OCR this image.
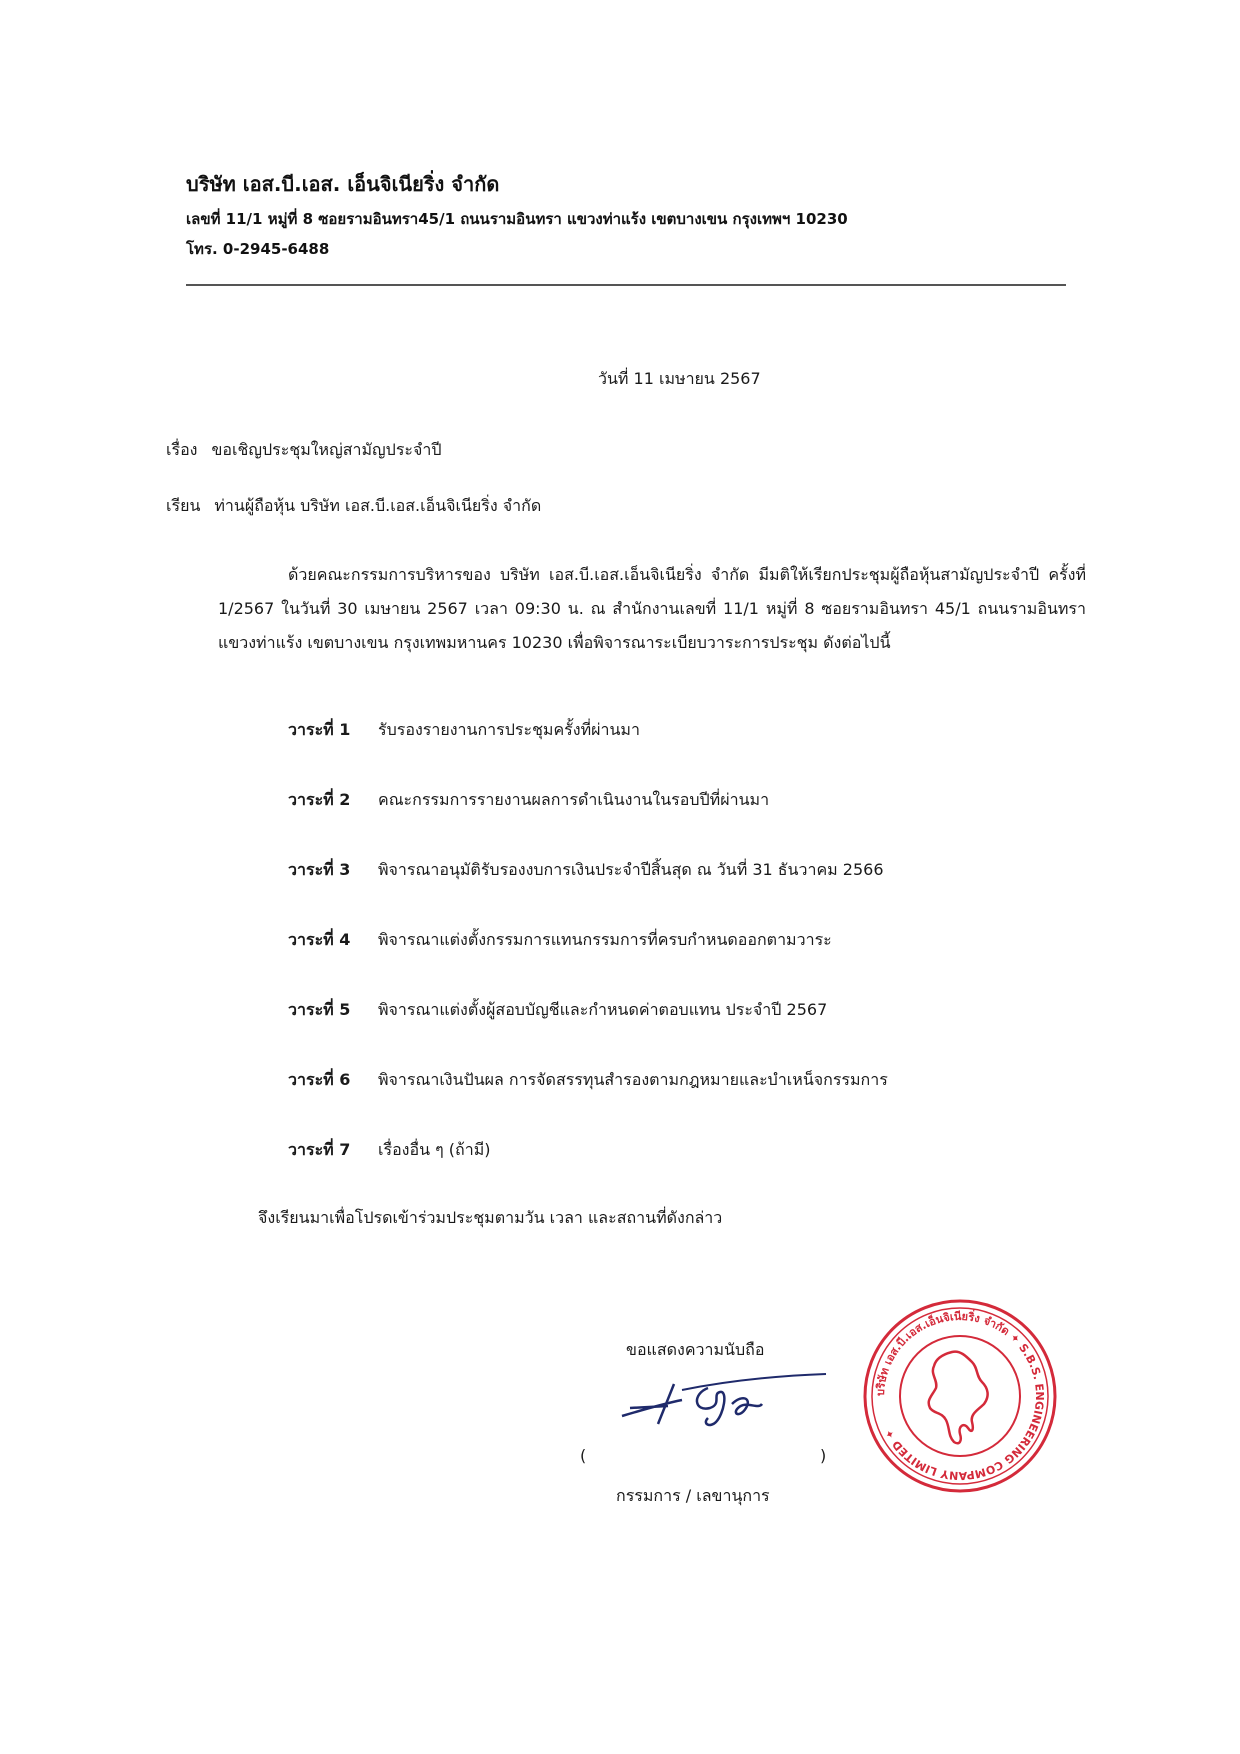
บริษัท เอส.บี.เอส. เอ็นจิเนียริ่ง จำกัด
เลขที่ 11/1 หมู่ที่ 8 ซอยรามอินทรา45/1 ถนนรามอินทรา แขวงท่าแร้ง เขตบางเขน กรุงเทพฯ 10230
โทร. 0-2945-6488
วันที่ 11 เมษายน 2567
เรื่อง ขอเชิญประชุมใหญ่สามัญประจำปี
เรียน ท่านผู้ถือหุ้น บริษัท เอส.บี.เอส.เอ็นจิเนียริ่ง จำกัด
ด้วยคณะกรรมการบริหารของ บริษัท เอส.บี.เอส.เอ็นจิเนียริ่ง จำกัด มีมติให้เรียกประชุมผู้ถือหุ้นสามัญประจำปี ครั้งที่ 1/2567 ในวันที่ 30 เมษายน 2567 เวลา 09:30 น. ณ สำนักงานเลขที่ 11/1 หมู่ที่ 8 ซอยรามอินทรา 45/1 ถนนรามอินทรา แขวงท่าแร้ง เขตบางเขน กรุงเทพมหานคร 10230 เพื่อพิจารณาระเบียบวาระการประชุม ดังต่อไปนี้
วาระที่ 1 รับรองรายงานการประชุมครั้งที่ผ่านมา
วาระที่ 2 คณะกรรมการรายงานผลการดำเนินงานในรอบปีที่ผ่านมา
วาระที่ 3 พิจารณาอนุมัติรับรองงบการเงินประจำปีสิ้นสุด ณ วันที่ 31 ธันวาคม 2566
วาระที่ 4 พิจารณาแต่งตั้งกรรมการแทนกรรมการที่ครบกำหนดออกตามวาระ
วาระที่ 5 พิจารณาแต่งตั้งผู้สอบบัญชีและกำหนดค่าตอบแทน ประจำปี 2567
วาระที่ 6 พิจารณาเงินปันผล การจัดสรรทุนสำรองตามกฎหมายและบำเหน็จกรรมการ
วาระที่ 7 เรื่องอื่น ๆ (ถ้ามี)
จึงเรียนมาเพื่อโปรดเข้าร่วมประชุมตามวัน เวลา และสถานที่ดังกล่าว
ขอแสดงความนับถือ
(	)
กรรมการ / เลขานุการ
บริษัท เอส.บี.เอส.เอ็นจิเนียริ่ง จำกัด ✦ S.B.S. ENGINEERING COMPANY LIMITED ✦
